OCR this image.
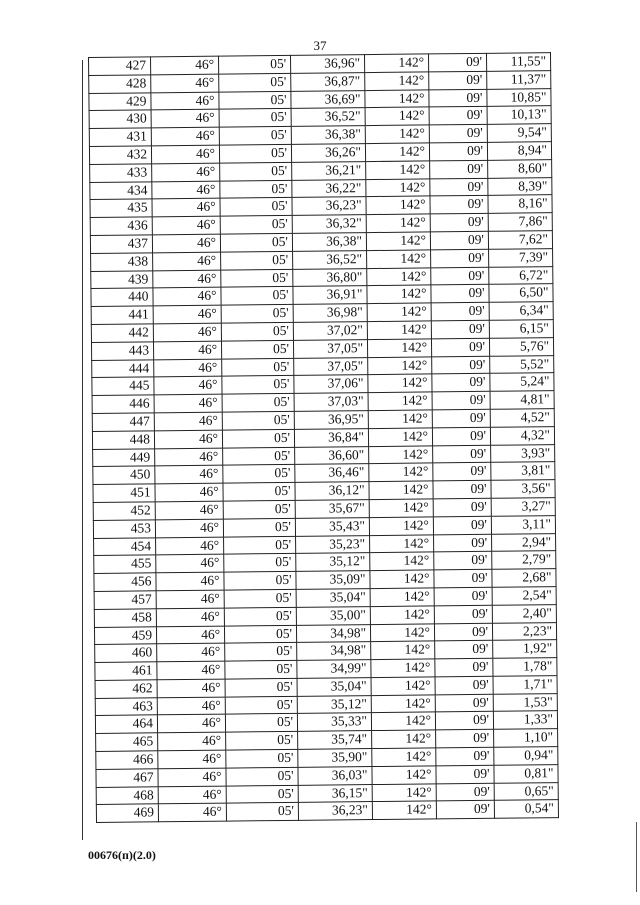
37
427	46°	05'	36,96"	142°	09'	11,55"
428	46°	05'	36,87"	142°	09'	11,37"
429	46°	05'	36,69"	142°	09'	10,85"
430	46°	05'	36,52"	142°	09'	10,13"
431	46°	05'	36,38"	142°	09'	9,54"
432	46°	05'	36,26"	142°	09'	8,94"
433	46°	05'	36,21"	142°	09'	8,60"
434	46°	05'	36,22"	142°	09'	8,39"
435	46°	05'	36,23"	142°	09'	8,16"
436	46°	05'	36,32"	142°	09'	7,86"
437	46°	05'	36,38"	142°	09'	7,62"
438	46°	05'	36,52"	142°	09'	7,39"
439	46°	05'	36,80"	142°	09'	6,72"
440	46°	05'	36,91"	142°	09'	6,50"
441	46°	05'	36,98"	142°	09'	6,34"
442	46°	05'	37,02"	142°	09'	6,15"
443	46°	05'	37,05"	142°	09'	5,76"
444	46°	05'	37,05"	142°	09'	5,52"
445	46°	05'	37,06"	142°	09'	5,24"
446	46°	05'	37,03"	142°	09'	4,81"
447	46°	05'	36,95"	142°	09'	4,52"
448	46°	05'	36,84"	142°	09'	4,32"
449	46°	05'	36,60"	142°	09'	3,93"
450	46°	05'	36,46"	142°	09'	3,81"
451	46°	05'	36,12"	142°	09'	3,56"
452	46°	05'	35,67"	142°	09'	3,27"
453	46°	05'	35,43"	142°	09'	3,11"
454	46°	05'	35,23"	142°	09'	2,94"
455	46°	05'	35,12"	142°	09'	2,79"
456	46°	05'	35,09"	142°	09'	2,68"
457	46°	05'	35,04"	142°	09'	2,54"
458	46°	05'	35,00"	142°	09'	2,40"
459	46°	05'	34,98"	142°	09'	2,23"
460	46°	05'	34,98"	142°	09'	1,92"
461	46°	05'	34,99"	142°	09'	1,78"
462	46°	05'	35,04"	142°	09'	1,71"
463	46°	05'	35,12"	142°	09'	1,53"
464	46°	05'	35,33"	142°	09'	1,33"
465	46°	05'	35,74"	142°	09'	1,10"
466	46°	05'	35,90"	142°	09'	0,94"
467	46°	05'	36,03"	142°	09'	0,81"
468	46°	05'	36,15"	142°	09'	0,65"
469	46°	05'	36,23"	142°	09'	0,54"
00676(п)(2.0)
